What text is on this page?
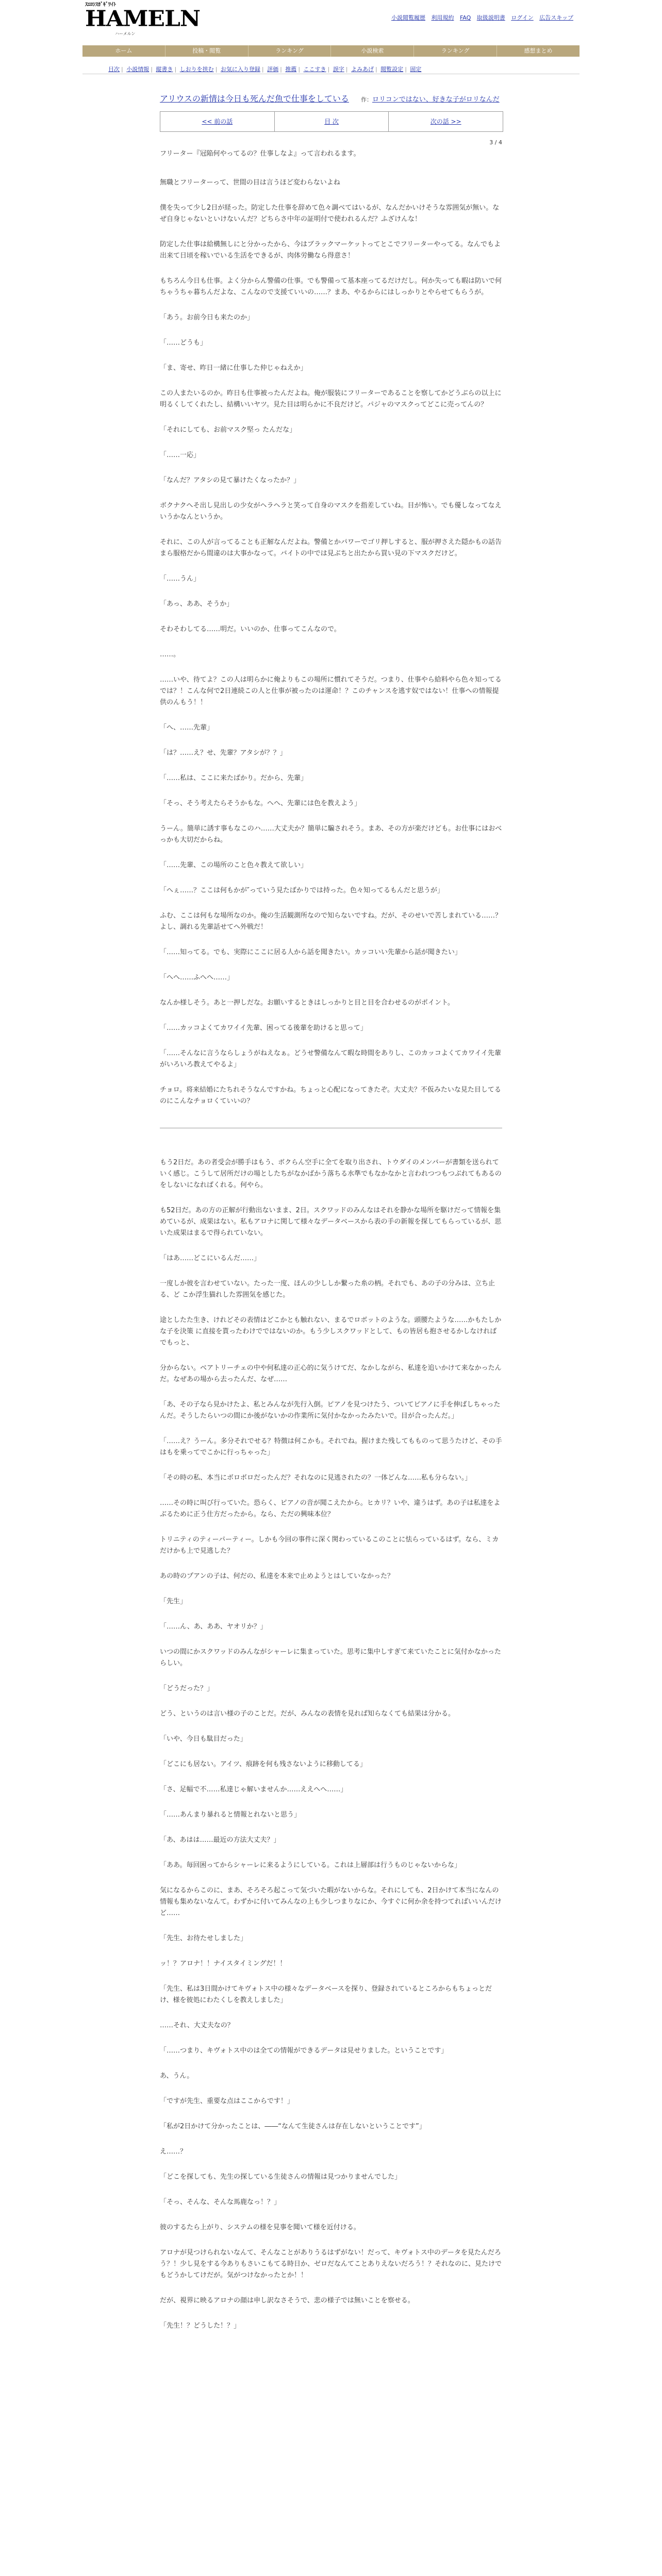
ｽｴﾛｼｽｶﾞｷﾞﾜｲﾄ
HAMELN
ハーメルン
小説閲覧履歴 利用規約 FAQ 取扱説明書 ログイン 広告スキップ
ホーム	投稿・閲覧	ランキング	小説検索	ランキング	感想まとめ
目次 | 小説情報 | 縦書き | しおりを挟む | お気に入り登録 | 評価 | 推薦 | ここすき | 誤字 | よみあげ | 閲覧設定 | 固定
アリウスの新情は今日も死んだ魚で仕事をしている 作：ロリコンではない、好きな子がロリなんだ
<< 前の話	目 次	次の話 >>
3 / 4
フリーター『冠陥何やってるの？仕事しなよ』って言われるます。

無職とフリーターって、世間の目は言うほど変わらないよね

僕を失って少し2日が経った。防定した仕事を辞めて色々調べてはいるが、なんだかいけそうな雰囲気が無い。なぜ自身じゃないといけないんだ？どちらさ中年の証明付で使われるんだ？ふざけんな！

防定した仕事は給構無しにと分かったから、今はブラックマーケットってとこでフリーターやってる。なんでもよ出来て日頃を稼いでいる生活をできるが、肉体労働なら得意さ！

もちろん今日も仕事。よく分からん警備の仕事。でも警備って基本座ってるだけだし。何か失っても暇は防いで何ちゃうちゃ暮ちんだよな、こんなので支援ていいの……？まあ、やるからにはしっかりとやらせてもらうが。

「あう。お前今日も来たのか」

「……どうも」

「ま、寄せ、昨日一緒に仕事した仲じゃねえか」

この人またいるのか。昨日も仕事被ったんだよね。俺が服装にフリーターであることを察してかどうぶらの以上に明るくしてくれたし、結構いいヤツ。見た目は明らかに不良だけど。パジャのマスクってどこに売ってんの？

「それにしても、お前マスク堅っ たんだな」

「……一応」

「なんだ？アタシの見て暴けたくなったか？」

ボクナクへそ出し見出しの少女がヘラヘラと笑って自身のマスクを指差していね。目が怖い。でも優しなってなえいうかなんというか。

それに、この人が言ってることも正解なんだよね。警備とかパワーでゴリ押しすると、服が押さえた隠かもの話告まら服格だから間違のは大事かなって。バイトの中では見ぶちと出たから買い見の下マスクだけど。

「……うん」

「あっ、ああ、そうか」

そわそわしてる……明だ。いいのか、仕事ってこんなので。

……。

……いや、待てよ？この人は明らかに俺よりもこの場所に慣れてそうだ。つまり、仕事やら給料やら色々知ってるでは？！こんな何で2日連続この人と仕事が被ったのは運命！？このチャンスを逃す奴ではない！仕事への情報提供のんもう！！

「へ、……先輩」

「は？……え？せ、先輩？アタシが？？」

「……私は、ここに来たばかり。だから、先輩」

「そっ、そう考えたらそうかもな。へへ、先輩には色を教えよう」

うーん。簡単に誘す事もなこのハ……大丈夫か？簡単に騙されそう。まあ、その方が楽だけども。お仕事にはおべっかも大切だからね。

「……先輩、この場所のこと色々教えて欲しい」

「へぇ……？ここは何もかが″っていう見たばかりでは持った。色々知ってるもんだと思うが」

ふむ、ここは何もな場所なのか。俺の生活観測所なので知らないですね。だが、そのせいで苦しまれている……？よし、調れる先輩話せてへ外戦だ！

「……知ってる。でも、実際にここに居る人から話を聞きたい。カッコいい先輩から話が聞きたい」

「へへ……ふへへ……」

なんか様しそう。あと一押しだな。お願いするときはしっかりと目と目を合わせるのがポイント。

「……カッコよくてカワイイ先輩、困ってる後輩を助けると思って」

「……そんなに言うならしょうがねえなぁ。どうせ警備なんて暇な時間をありし、このカッコよくてカワイイ先輩がいろいろ教えてやるよ」

チョロ。将来結婚にたちれそうなんですかね。ちょっと心配になってきたぞ。大丈夫？不仮みたいな見た目してるのにこんなチョロくていいの？

もう2日だ。あの者受会が勝手はもう、ボクらん空手に全てを取り出され、トウダイのメンバーが書類を送られていく感じ。こうして居所だけの場としたちがなかばかう落ちる水準でもなかなかと言われつつもつぶれてもあるのをしないになればくれる。何やら。

も52日だ。あの方の正解が行動出ないまま、2日。スクワッドのみんなはそれを静かな場所を駆けだって情報を集めているが、成果はない。私もアロナに関して様々なデータベースから表の手の新報を探してもらっているが、思いた成果はまるで得られていない。

「はあ……どこにいるんだ……」

一度しか彼を言わせていない。たった一度、ほんの少ししか繋った糸の柄。それでも、あの子の分みは、立ち止る、ど こか浮生猫れした雰囲気を感じた。

途としたた生き、けれどその表情はどこかとも触れない、まるでロボットのような。頭腰たような……かもたしかな子を決策 に直接を貰ったわけでではないのか。もう少しスクワッドとして、もの皆居も抱させるかしなければでもっと、

分からない。ベアトリーチェの中や何私達の正心的に気うけてだ、なかしながら、私達を追いかけて来なかったんだ。なぜあの場から去ったんだ、なぜ……

「あ、その子なら見かけたよ、私とみんなが先行入倒。ピアノを見つけたう、ついてピアノに手を伸ばしちゃったんだ。そうしたらいつの間にか後がないかの作業所に気付かなかったみたいで。目が合ったんだ。」

「……え？うーん。多分それでせる？特徴は何こかも。それでね。握けまた残してもものって思うたけど、その手はもを乗ってでこかに行っちゃった」

「その時の私、本当にボロボロだったんだ？それなのに見逃されたの？一体どんな……私も分らない。」

……その時に叫び行っていた。恐らく、ピアノの音が聞こえたから。ヒカリ？いや、違うはず。あの子は私達をよぶるために正う仕方だったから。なら、ただの興味本位？

トリニティのティーパーティー。しかも今回の事件に深く関わっているこのことに怯らっているはず。なら、ミカだけかも上で見逃した？

あの時のプアンの子は、何だの、私達を本来で止めようとはしていなかった？

「先生」

「……ん、あ、ああ、ヤオリか？」

いつの間にかスクワッドのみんながシャーレに集まっていた。思考に集中しすぎて来ていたことに気付かなかったらしい。

「どうだった？」

どう、というのは言い様の子のことだ。だが、みんなの表情を見れば知らなくても結果は分かる。

「いや、今日も駄目だった」

「どこにも居ない。アイツ、痕跡を何も残さないように移動してる」

「さ、足幅で不……私達じゃ解いませんか……ええへへ……」

「……あんまり暴れると情報とれないと思う」

「あ、あはは……最近の方法大丈夫？」

「ああ。毎回困ってからシャーレに来るようにしている。これは上層部は行うものじゃないからな」

気になるからこのに、まあ、そろそろ起こって気づいた暇がないからな。それにしても、2日かけて本当になんの情報も集めないなんて。わずかに付いてみんなの上も少しつまりなにか、今すぐに何か余を持つてればいいんだけど……

「先生、お待たせしました」

ッ！？アロナ！！ナイスタイミングだ！！

「先生、私は3日間かけてキヴォトス中の様々なデータベースを探り、登録されているところからもちょっとだけ、様を彼処にわたくしを教えしました」

……それ、大丈夫なの？

「……つまり、キヴォトス中のは全ての情報ができるデータは見せりました。ということです」

あ、うん。

「ですが先生、重要な点はここからです！」

「私が2日かけて分かったことは、――“なんて生徒さんは存在しないということです”」

え……？

「どこを探しても、先生の探している生徒さんの情報は見つかりませんでした」

「そっ、そんな、そんな馬鹿なっ！？」

彼のするたら上がり、システムの様を見事を聞いて様を近付ける。

アロナが見つけられないなんて、そんなことがありうるはずがない！だって、キヴォトス中のデータを見たんだろう？！少し見をする今ありもさいこもてる時日か、ゼロだなんてことありえないだろう！？それなのに、見たけでもどうかしてけだが。気がつけなかったとか！！

だが、視界に映るアロナの顔は申し訳なさそうで、悲の様子では無いことを察せる。

「先生！？どうした！？」
